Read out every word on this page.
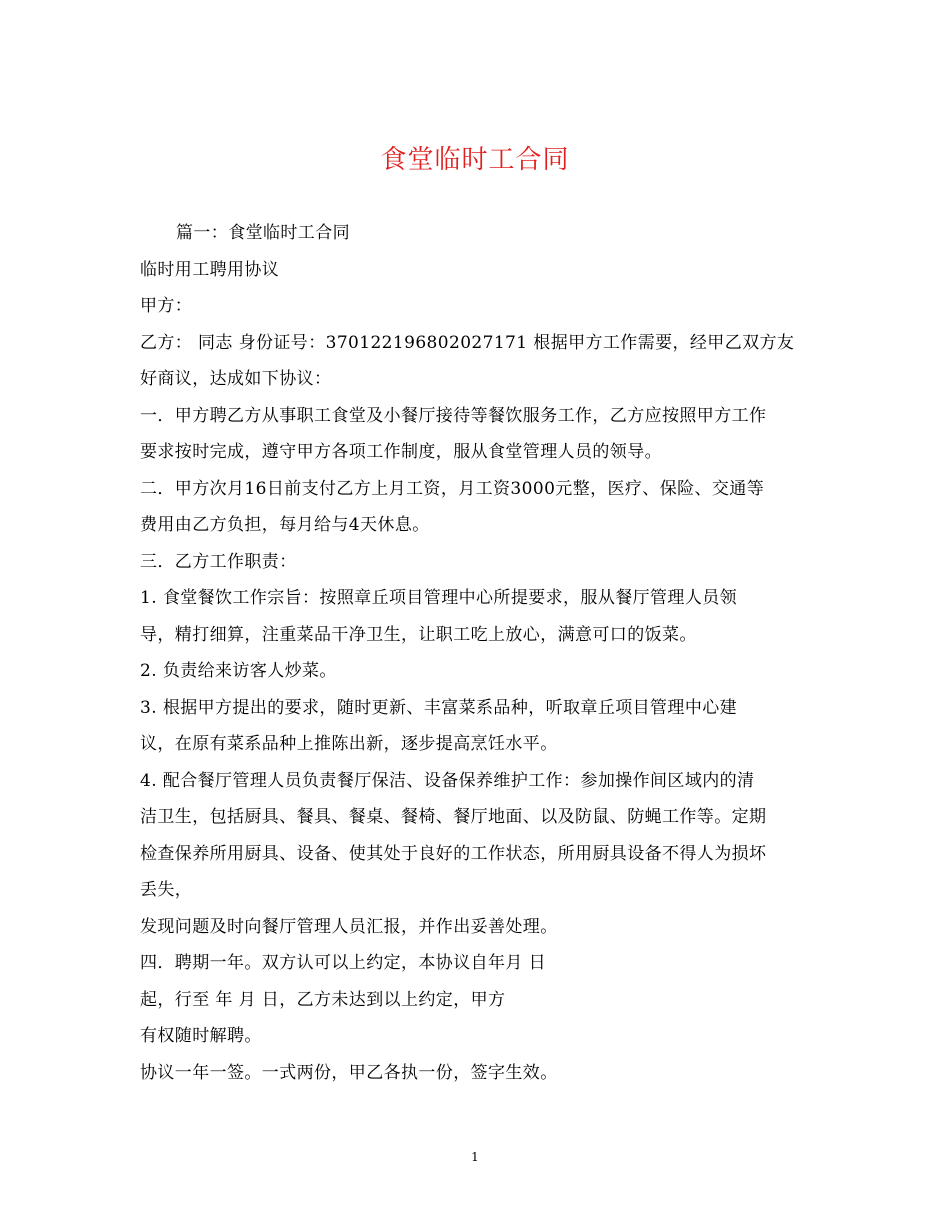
食堂临时工合同
篇一：食堂临时工合同
临时用工聘用协议
甲方：
乙方： 同志 身份证号：370122196802027171 根据甲方工作需要，经甲乙双方友
好商议，达成如下协议：
一．甲方聘乙方从事职工食堂及小餐厅接待等餐饮服务工作，乙方应按照甲方工作
要求按时完成，遵守甲方各项工作制度，服从食堂管理人员的领导。
二．甲方次月16日前支付乙方上月工资，月工资3000元整，医疗、保险、交通等
费用由乙方负担，每月给与4天休息。
三．乙方工作职责：
1. 食堂餐饮工作宗旨：按照章丘项目管理中心所提要求，服从餐厅管理人员领
导，精打细算，注重菜品干净卫生，让职工吃上放心，满意可口的饭菜。
2. 负责给来访客人炒菜。
3. 根据甲方提出的要求，随时更新、丰富菜系品种，听取章丘项目管理中心建
议，在原有菜系品种上推陈出新，逐步提高烹饪水平。
4. 配合餐厅管理人员负责餐厅保洁、设备保养维护工作：参加操作间区域内的清
洁卫生，包括厨具、餐具、餐桌、餐椅、餐厅地面、以及防鼠、防蝇工作等。定期
检查保养所用厨具、设备、使其处于良好的工作状态，所用厨具设备不得人为损坏
丢失，
发现问题及时向餐厅管理人员汇报，并作出妥善处理。
四．聘期一年。双方认可以上约定，本协议自年月 日
起，行至 年 月 日，乙方未达到以上约定，甲方
有权随时解聘。
协议一年一签。一式两份，甲乙各执一份，签字生效。
1
